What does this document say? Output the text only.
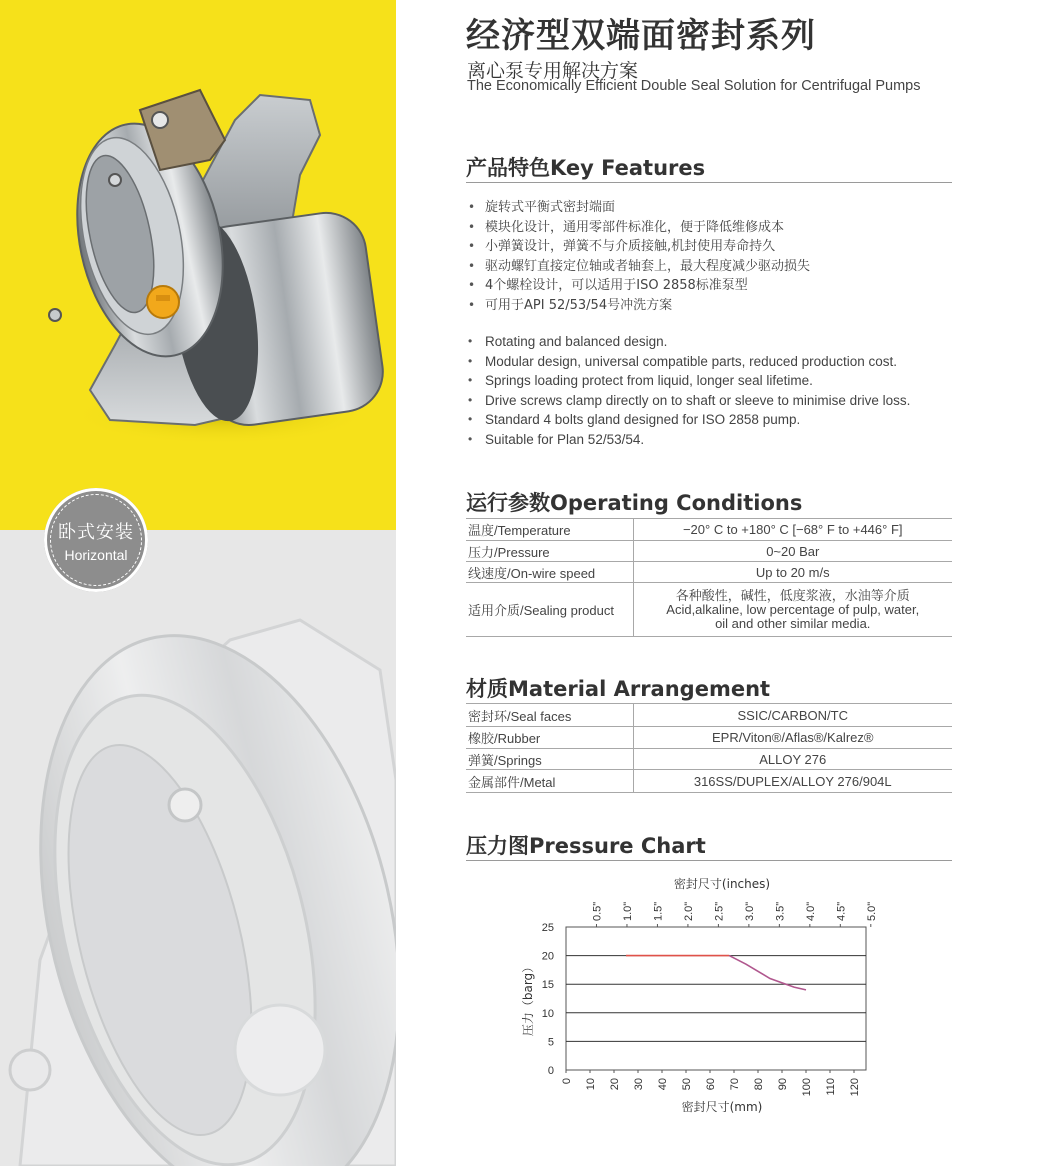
卧式安装
Horizontal
经济型双端面密封系列
离心泵专用解决方案
The Economically Efficient Double Seal Solution for Centrifugal Pumps
产品特色Key Features
• 旋转式平衡式密封端面
• 模块化设计，通用零部件标准化，便于降低维修成本
• 小弹簧设计，弹簧不与介质接触,机封使用寿命持久
• 驱动螺钉直接定位轴或者轴套上，最大程度减少驱动损失
• 4个螺栓设计，可以适用于ISO 2858标准泵型
• 可用于API 52/53/54号冲洗方案
• Rotating and balanced design.
• Modular design, universal compatible parts, reduced production cost.
• Springs loading protect from liquid, longer seal lifetime.
• Drive screws clamp directly on to shaft or sleeve to minimise drive loss.
• Standard 4 bolts gland designed for ISO 2858 pump.
• Suitable for Plan 52/53/54.
运行参数Operating Conditions
温度/Temperature	−20° C to +180° C [−68° F to +446° F]
压力/Pressure	0~20 Bar
线速度/On-wire speed	Up to 20 m/s
适用介质/Sealing product	各种酸性，碱性，低度浆液，水油等介质
Acid,alkaline, low percentage of pulp, water,
oil and other similar media.
材质Material Arrangement
密封环/Seal faces	SSIC/CARBON/TC
橡胶/Rubber	EPR/Viton®/Aflas®/Kalrez®
弹簧/Springs	ALLOY 276
金属部件/Metal	316SS/DUPLEX/ALLOY 276/904L
压力图Pressure Chart
0
5
10
15
20
25
0 10 20 30 40 50 60 70 80 90 100 110 120
0.5" 1.0" 1.5" 2.0" 2.5" 3.0" 3.5" 4.0" 4.5" 5.0"
密封尺寸(inches)
密封尺寸(mm)
压力（barg）
